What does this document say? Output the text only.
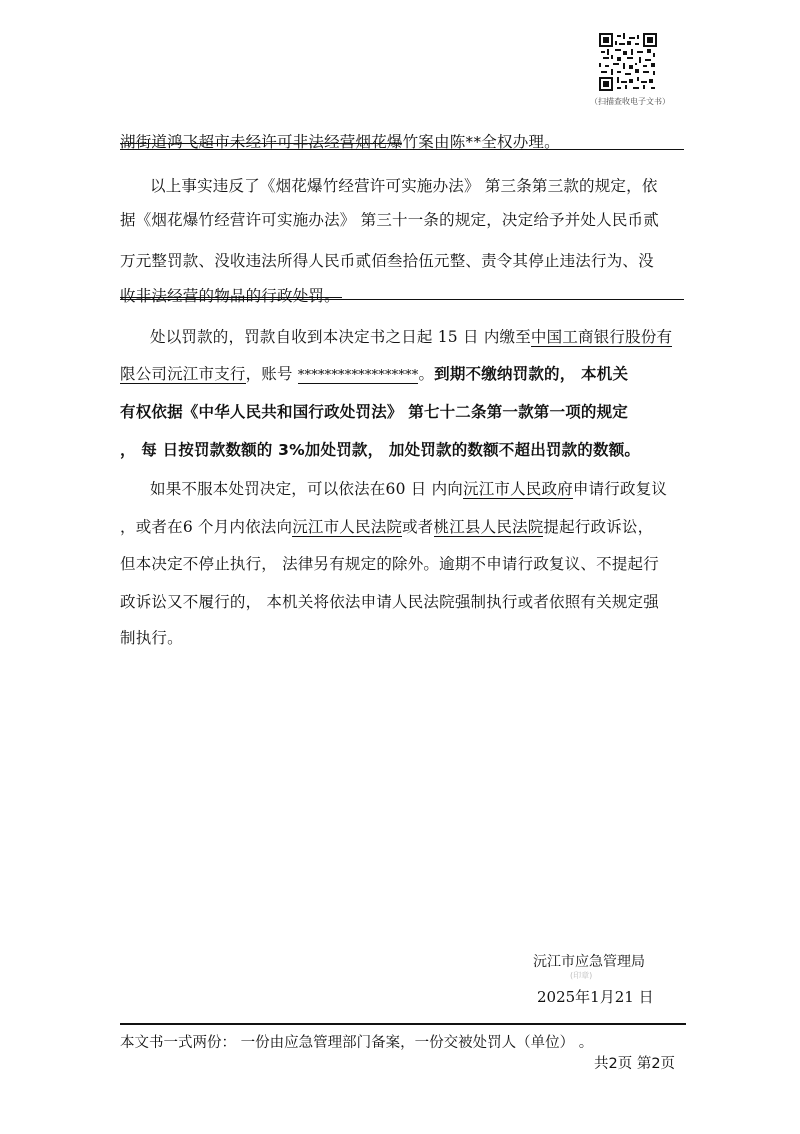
（扫描查收电子文书）
湖街道鸿飞超市未经许可非法经营烟花爆竹案由陈**全权办理。
以上事实违反了《烟花爆竹经营许可实施办法》 第三条第三款的规定，依
据《烟花爆竹经营许可实施办法》 第三十一条的规定，决定给予并处人民币贰
万元整罚款、没收违法所得人民币贰佰叁拾伍元整、责令其停止违法行为、没
收非法经营的物品的行政处罚。
处以罚款的，罚款自收到本决定书之日起 15 日 内缴至中国工商银行股份有
限公司沅江市支行，账号 ******************。到期不缴纳罚款的， 本机关
有权依据《中华人民共和国行政处罚法》 第七十二条第一款第一项的规定
， 每 日按罚款数额的 3%加处罚款， 加处罚款的数额不超出罚款的数额。
如果不服本处罚决定，可以依法在60 日 内向沅江市人民政府申请行政复议
，或者在6 个月内依法向沅江市人民法院或者桃江县人民法院提起行政诉讼，
但本决定不停止执行， 法律另有规定的除外。逾期不申请行政复议、不提起行
政诉讼又不履行的， 本机关将依法申请人民法院强制执行或者依照有关规定强
制执行。
沅江市应急管理局
(印章)
2025年1月21 日
本文书一式两份： 一份由应急管理部门备案，一份交被处罚人（单位） 。
共2页 第2页
